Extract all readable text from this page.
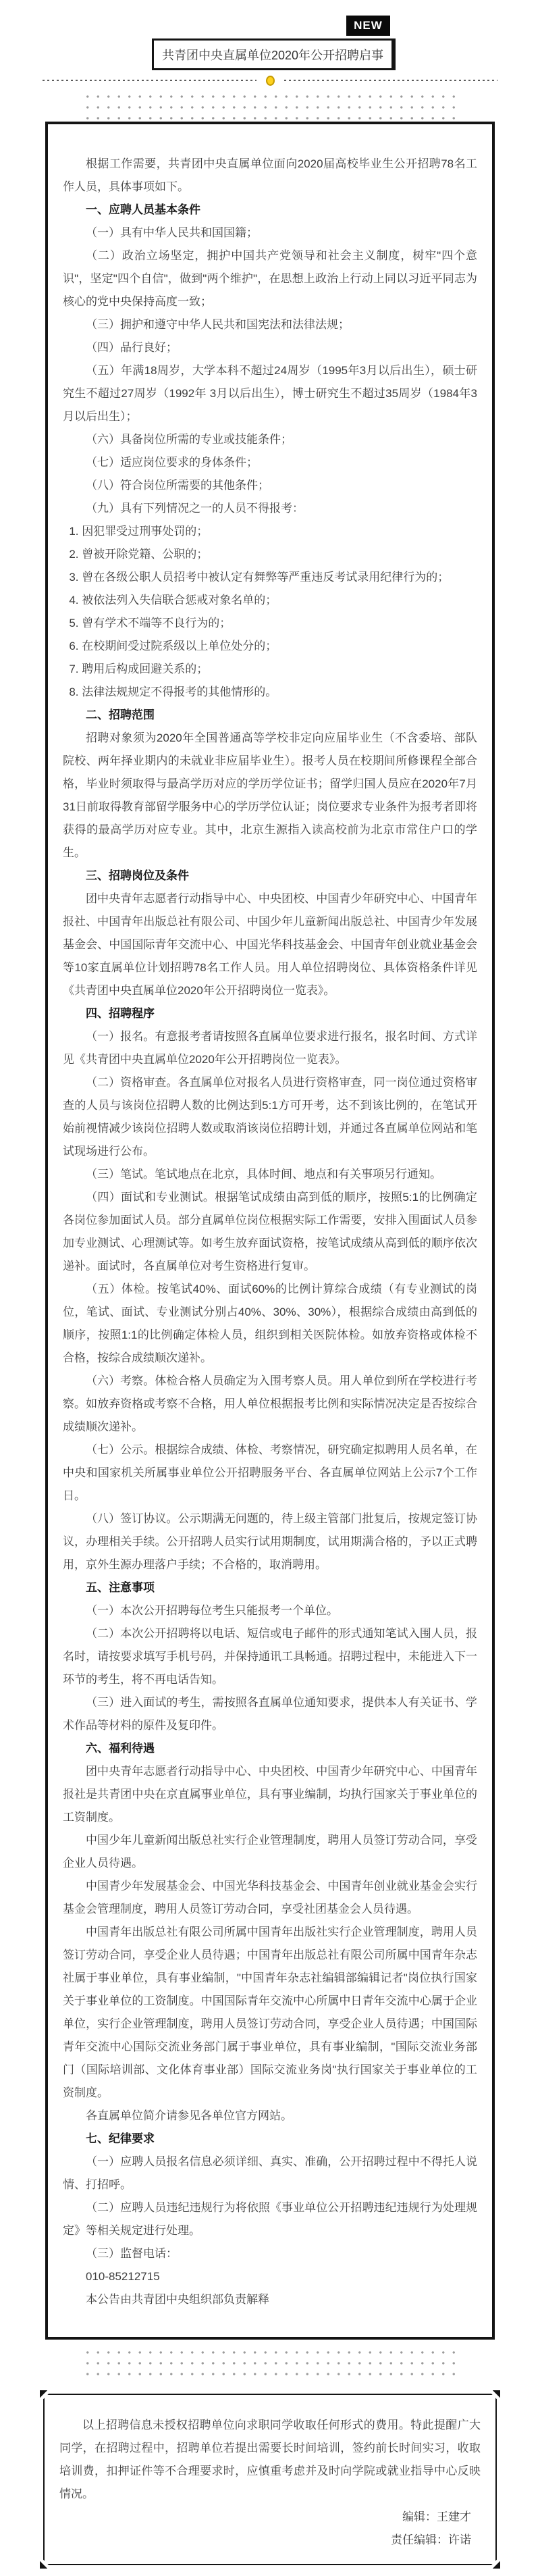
NEW
共青团中央直属单位2020年公开招聘启事

根据工作需要，共青团中央直属单位面向2020届高校毕业生公开招聘78名工作人员，具体事项如下。

一、应聘人员基本条件

（一）具有中华人民共和国国籍；

（二）政治立场坚定，拥护中国共产党领导和社会主义制度，树牢"四个意识"，坚定"四个自信"，做到"两个维护"，在思想上政治上行动上同以习近平同志为核心的党中央保持高度一致；

（三）拥护和遵守中华人民共和国宪法和法律法规；

（四）品行良好；

（五）年满18周岁，大学本科不超过24周岁（1995年3月以后出生），硕士研究生不超过27周岁（1992年 3月以后出生），博士研究生不超过35周岁（1984年3月以后出生）；

（六）具备岗位所需的专业或技能条件；

（七）适应岗位要求的身体条件；

（八）符合岗位所需要的其他条件；

（九）具有下列情况之一的人员不得报考：

1. 因犯罪受过刑事处罚的；

2. 曾被开除党籍、公职的；

3. 曾在各级公职人员招考中被认定有舞弊等严重违反考试录用纪律行为的；

4. 被依法列入失信联合惩戒对象名单的；

5. 曾有学术不端等不良行为的；

6. 在校期间受过院系级以上单位处分的；

7. 聘用后构成回避关系的；

8. 法律法规规定不得报考的其他情形的。

二、招聘范围

招聘对象须为2020年全国普通高等学校非定向应届毕业生（不含委培、部队院校、两年择业期内的未就业非应届毕业生）。报考人员在校期间所修课程全部合格，毕业时须取得与最高学历对应的学历学位证书；留学归国人员应在2020年7月31日前取得教育部留学服务中心的学历学位认证；岗位要求专业条件为报考者即将获得的最高学历对应专业。其中，北京生源指入读高校前为北京市常住户口的学生。

三、招聘岗位及条件

团中央青年志愿者行动指导中心、中央团校、中国青少年研究中心、中国青年报社、中国青年出版总社有限公司、中国少年儿童新闻出版总社、中国青少年发展基金会、中国国际青年交流中心、中国光华科技基金会、中国青年创业就业基金会等10家直属单位计划招聘78名工作人员。用人单位招聘岗位、具体资格条件详见《共青团中央直属单位2020年公开招聘岗位一览表》。

四、招聘程序

（一）报名。有意报考者请按照各直属单位要求进行报名，报名时间、方式详见《共青团中央直属单位2020年公开招聘岗位一览表》。

（二）资格审查。各直属单位对报名人员进行资格审查，同一岗位通过资格审查的人员与该岗位招聘人数的比例达到5:1方可开考，达不到该比例的，在笔试开始前视情减少该岗位招聘人数或取消该岗位招聘计划，并通过各直属单位网站和笔试现场进行公布。

（三）笔试。笔试地点在北京，具体时间、地点和有关事项另行通知。

（四）面试和专业测试。根据笔试成绩由高到低的顺序，按照5:1的比例确定各岗位参加面试人员。部分直属单位岗位根据实际工作需要，安排入围面试人员参加专业测试、心理测试等。如考生放弃面试资格，按笔试成绩从高到低的顺序依次递补。面试时，各直属单位对考生资格进行复审。

（五）体检。按笔试40%、面试60%的比例计算综合成绩（有专业测试的岗位，笔试、面试、专业测试分别占40%、30%、30%），根据综合成绩由高到低的顺序，按照1:1的比例确定体检人员，组织到相关医院体检。如放弃资格或体检不合格，按综合成绩顺次递补。

（六）考察。体检合格人员确定为入围考察人员。用人单位到所在学校进行考察。如放弃资格或考察不合格，用人单位根据报考比例和实际情况决定是否按综合成绩顺次递补。

（七）公示。根据综合成绩、体检、考察情况，研究确定拟聘用人员名单，在中央和国家机关所属事业单位公开招聘服务平台、各直属单位网站上公示7个工作日。

（八）签订协议。公示期满无问题的，待上级主管部门批复后，按规定签订协议，办理相关手续。公开招聘人员实行试用期制度，试用期满合格的，予以正式聘用，京外生源办理落户手续；不合格的，取消聘用。

五、注意事项

（一）本次公开招聘每位考生只能报考一个单位。

（二）本次公开招聘将以电话、短信或电子邮件的形式通知笔试入围人员，报名时，请按要求填写手机号码，并保持通讯工具畅通。招聘过程中，未能进入下一环节的考生，将不再电话告知。

（三）进入面试的考生，需按照各直属单位通知要求，提供本人有关证书、学术作品等材料的原件及复印件。

六、福利待遇

团中央青年志愿者行动指导中心、中央团校、中国青少年研究中心、中国青年报社是共青团中央在京直属事业单位，具有事业编制，均执行国家关于事业单位的工资制度。

中国少年儿童新闻出版总社实行企业管理制度，聘用人员签订劳动合同，享受企业人员待遇。

中国青少年发展基金会、中国光华科技基金会、中国青年创业就业基金会实行基金会管理制度，聘用人员签订劳动合同，享受社团基金会人员待遇。

中国青年出版总社有限公司所属中国青年出版社实行企业管理制度，聘用人员签订劳动合同，享受企业人员待遇；中国青年出版总社有限公司所属中国青年杂志社属于事业单位，具有事业编制，"中国青年杂志社编辑部编辑记者"岗位执行国家关于事业单位的工资制度。中国国际青年交流中心所属中日青年交流中心属于企业单位，实行企业管理制度，聘用人员签订劳动合同，享受企业人员待遇；中国国际青年交流中心国际交流业务部门属于事业单位，具有事业编制，"国际交流业务部门（国际培训部、文化体育事业部）国际交流业务岗"执行国家关于事业单位的工资制度。

各直属单位简介请参见各单位官方网站。

七、纪律要求

（一）应聘人员报名信息必须详细、真实、准确，公开招聘过程中不得托人说情、打招呼。

（二）应聘人员违纪违规行为将依照《事业单位公开招聘违纪违规行为处理规定》等相关规定进行处理。

（三）监督电话：

010-85212715

本公告由共青团中央组织部负责解释

以上招聘信息未授权招聘单位向求职同学收取任何形式的费用。特此提醒广大同学，在招聘过程中，招聘单位若提出需要长时间培训，签约前长时间实习，收取培训费，扣押证件等不合理要求时，应慎重考虑并及时向学院或就业指导中心反映情况。

编辑：王建才

责任编辑：许诺
